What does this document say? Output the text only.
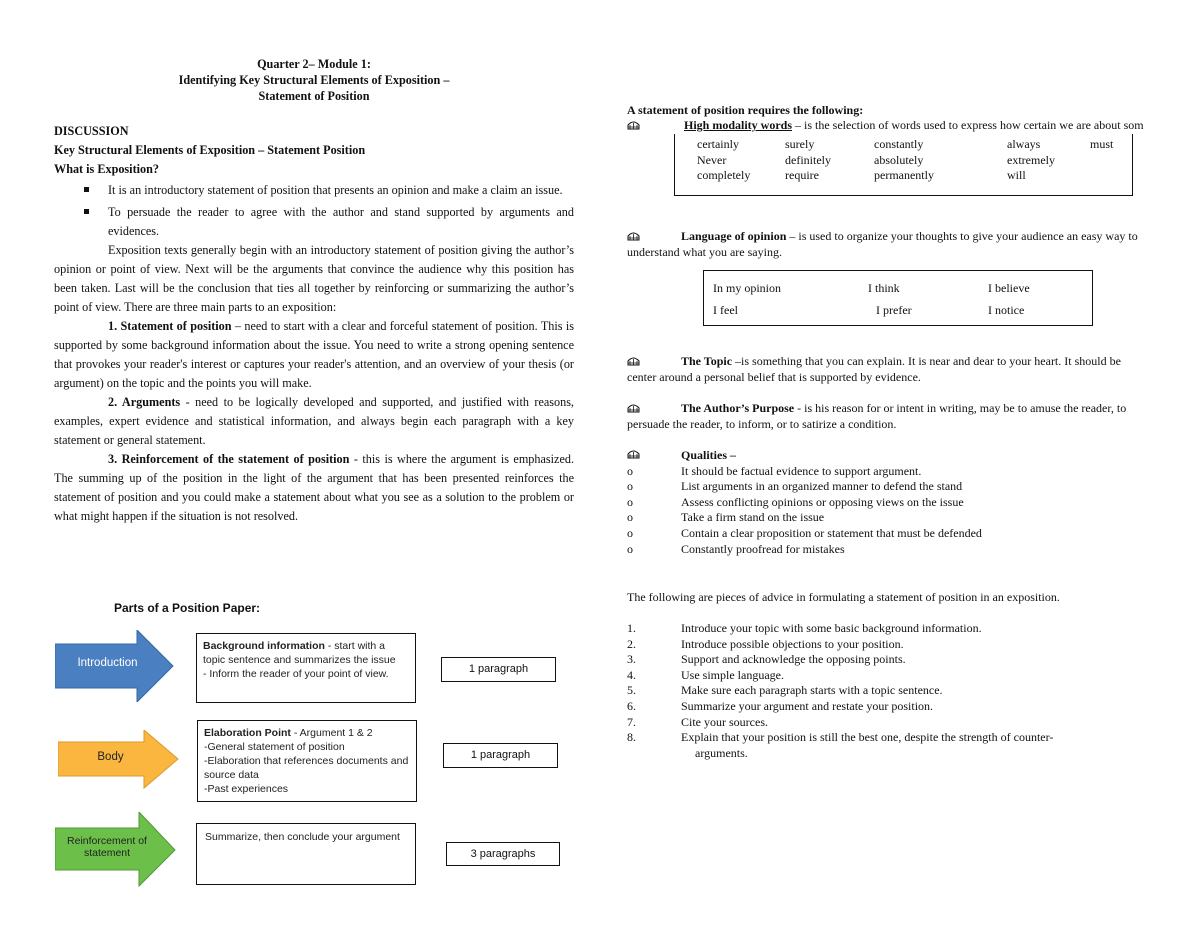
Quarter 2– Module 1:
Identifying Key Structural Elements of Exposition –
Statement of Position
DISCUSSION
Key Structural Elements of Exposition – Statement Position
What is Exposition?
It is an introductory statement of position that presents an opinion and make a claim an issue.
To persuade the reader to agree with the author and stand supported by arguments and evidences.
Exposition texts generally begin with an introductory statement of position giving the author’s opinion or point of view. Next will be the arguments that convince the audience why this position has been taken. Last will be the conclusion that ties all together by reinforcing or summarizing the author’s point of view. There are three main parts to an exposition:
1. Statement of position – need to start with a clear and forceful statement of position. This is supported by some background information about the issue. You need to write a strong opening sentence that provokes your reader's interest or captures your reader's attention, and an overview of your thesis (or argument) on the topic and the points you will make.
2. Arguments - need to be logically developed and supported, and justified with reasons, examples, expert evidence and statistical information, and always begin each paragraph with a key statement or general statement.
3. Reinforcement of the statement of position - this is where the argument is emphasized. The summing up of the position in the light of the argument that has been presented reinforces the statement of position and you could make a statement about what you see as a solution to the problem or what might happen if the situation is not resolved.
Parts of a Position Paper:
Introduction
Background information - start with a topic sentence and summarizes the issue
- Inform the reader of your point of view.	1 paragraph
Body
Elaboration Point - Argument 1 & 2
-General statement of position
-Elaboration that references documents and source data
-Past experiences
1 paragraph
Reinforcement of statement
Summarize, then conclude your argument
3 paragraphs
A statement of position requires the following:
High modality words – is the selection of words used to express how certain we are about som
certainly	surely	constantly	always	must
Never	definitely	absolutely	extremely	
completely	require	permanently	will	
Language of opinion – is used to organize your thoughts to give your audience an easy way to understand what you are saying.
In my opinion	I think	I believe
I feel	I prefer	I notice
The Topic –is something that you can explain. It is near and dear to your heart. It should be center around a personal belief that is supported by evidence.
The Author’s Purpose - is his reason for or intent in writing, may be to amuse the reader, to persuade the reader, to inform, or to satirize a condition.
Qualities –
o	It should be factual evidence to support argument.
o	List arguments in an organized manner to defend the stand
o	Assess conflicting opinions or opposing views on the issue
o	Take a firm stand on the issue
o	Contain a clear proposition or statement that must be defended
o	Constantly proofread for mistakes
The following are pieces of advice in formulating a statement of position in an exposition.
1.	Introduce your topic with some basic background information.
2.	Introduce possible objections to your position.
3.	Support and acknowledge the opposing points.
4.	Use simple language.
5.	Make sure each paragraph starts with a topic sentence.
6.	Summarize your argument and restate your position.
7.	Cite your sources.
8.	Explain that your position is still the best one, despite the strength of counter-
arguments.
